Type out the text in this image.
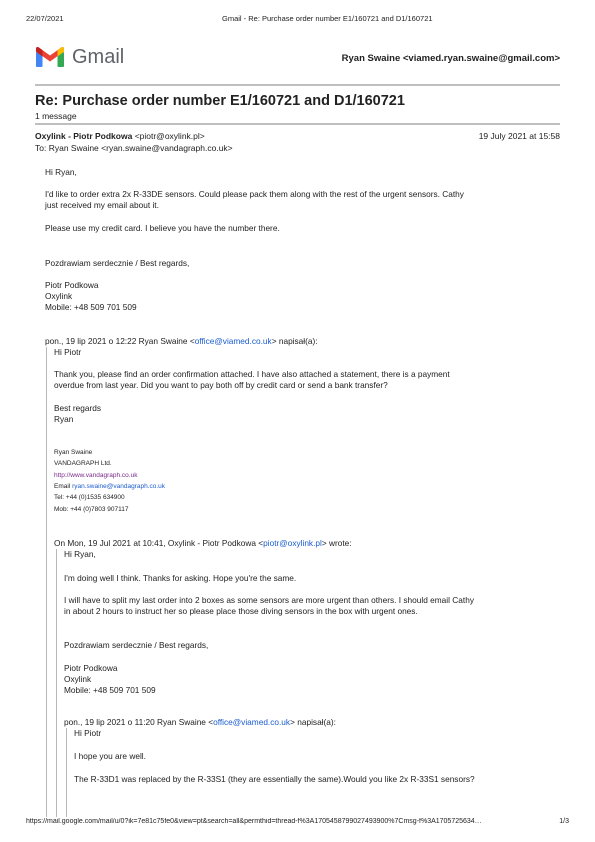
22/07/2021	Gmail - Re: Purchase order number E1/160721 and D1/160721
Gmail	Ryan Swaine <viamed.ryan.swaine@gmail.com>
Re: Purchase order number E1/160721 and D1/160721
1 message
Oxylink - Piotr Podkowa <piotr@oxylink.pl>	19 July 2021 at 15:58
To: Ryan Swaine <ryan.swaine@vandagraph.co.uk>
Hi Ryan,
I'd like to order extra 2x R-33DE sensors. Could please pack them along with the rest of the urgent sensors. Cathy
just received my email about it.
Please use my credit card. I believe you have the number there.
Pozdrawiam serdecznie / Best regards,
Piotr Podkowa
Oxylink
Mobile: +48 509 701 509
pon., 19 lip 2021 o 12:22 Ryan Swaine <office@viamed.co.uk> napisał(a):
Hi Piotr
Thank you, please find an order confirmation attached. I have also attached a statement, there is a payment
overdue from last year. Did you want to pay both off by credit card or send a bank transfer?
Best regards
Ryan
Ryan Swaine
VANDAGRAPH Ltd.
http://www.vandagraph.co.uk
Email ryan.swaine@vandagraph.co.uk
Tel: +44 (0)1535 634900
Mob: +44 (0)7803 907117
On Mon, 19 Jul 2021 at 10:41, Oxylink - Piotr Podkowa <piotr@oxylink.pl> wrote:
Hi Ryan,
I'm doing well I think. Thanks for asking. Hope you're the same.
I will have to split my last order into 2 boxes as some sensors are more urgent than others. I should email Cathy
in about 2 hours to instruct her so please place those diving sensors in the box with urgent ones.
Pozdrawiam serdecznie / Best regards,
Piotr Podkowa
Oxylink
Mobile: +48 509 701 509
pon., 19 lip 2021 o 11:20 Ryan Swaine <office@viamed.co.uk> napisał(a):
Hi Piotr
I hope you are well.
The R-33D1 was replaced by the R-33S1 (they are essentially the same).Would you like 2x R-33S1 sensors?
https://mail.google.com/mail/u/0?ik=7e81c75fe0&view=pt&search=all&permthid=thread-f%3A1705458799027493900%7Cmsg-f%3A1705725634…	1/3
